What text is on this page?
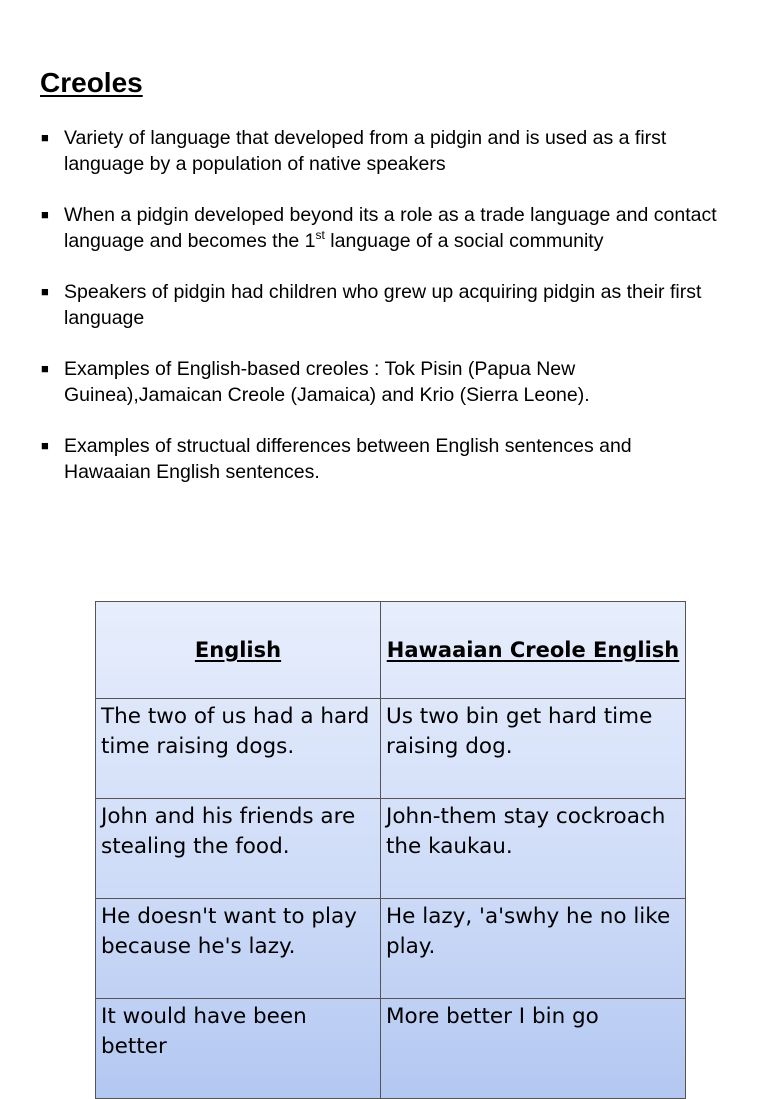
Creoles
■ Variety of language that developed from a pidgin and is used as a first language by a population of native speakers
■ When a pidgin developed beyond its a role as a trade language and contact language and becomes the 1st language of a social community
■ Speakers of pidgin had children who grew up acquiring pidgin as their first language
■ Examples of English-based creoles : Tok Pisin (Papua New Guinea),Jamaican Creole (Jamaica) and Krio (Sierra Leone).
■ Examples of structual differences between English sentences and Hawaaian English sentences.
English	Hawaaian Creole English
The two of us had a hard time raising dogs.	Us two bin get hard time raising dog.
John and his friends are stealing the food.	John-them stay cockroach the kaukau.
He doesn't want to play because he's lazy.	He lazy, 'a'swhy he no like play.
It would have been better	More better I bin go
